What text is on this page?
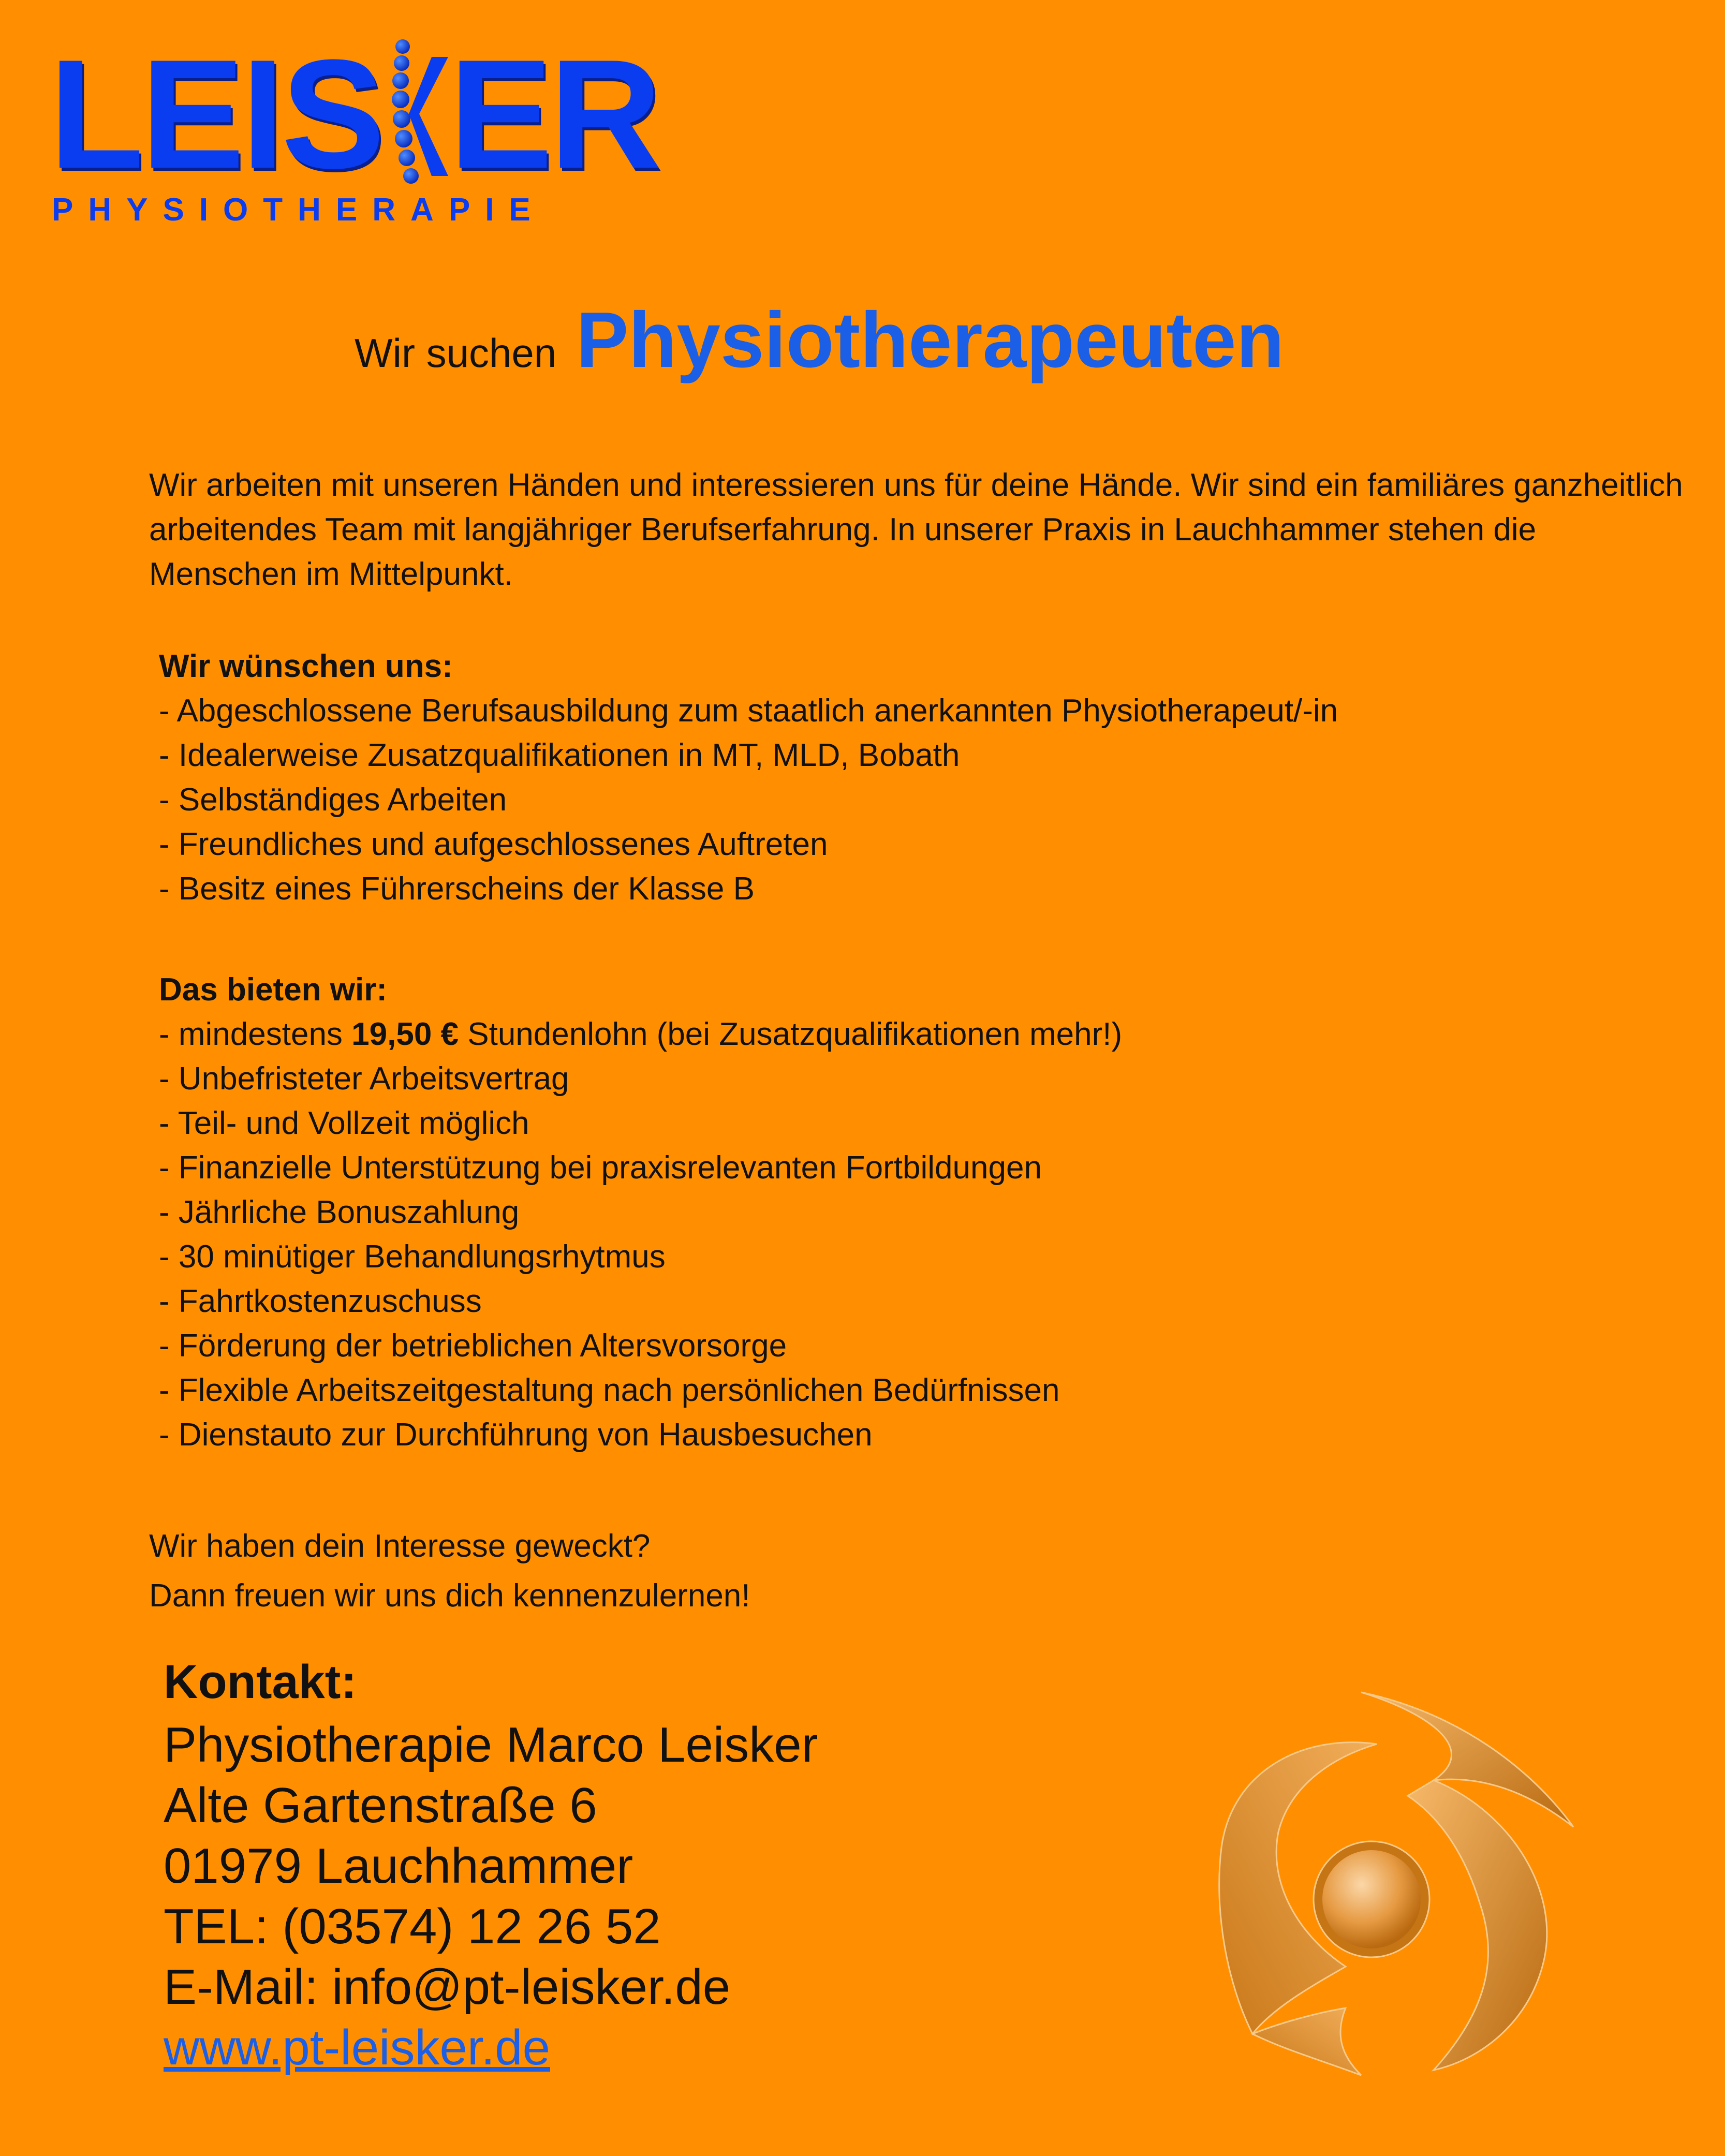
L E I S E R
PHYSIOTHERAPIE
Wir suchen Physiotherapeuten

Wir arbeiten mit unseren Händen und interessieren uns für deine Hände. Wir sind ein familiäres ganzheitlich arbeitendes Team mit langjähriger Berufserfahrung. In unserer Praxis in Lauchhammer stehen die Menschen im Mittelpunkt.

Wir wünschen uns:
- Abgeschlossene Berufsausbildung zum staatlich anerkannten Physiotherapeut/-in
- Idealerweise Zusatzqualifikationen in MT, MLD, Bobath
- Selbständiges Arbeiten
- Freundliches und aufgeschlossenes Auftreten
- Besitz eines Führerscheins der Klasse B
Das bieten wir:
- mindestens 19,50 € Stundenlohn (bei Zusatzqualifikationen mehr!)
- Unbefristeter Arbeitsvertrag
- Teil- und Vollzeit möglich
- Finanzielle Unterstützung bei praxisrelevanten Fortbildungen
- Jährliche Bonuszahlung
- 30 minütiger Behandlungsrhytmus
- Fahrtkostenzuschuss
- Förderung der betrieblichen Altersvorsorge
- Flexible Arbeitszeitgestaltung nach persönlichen Bedürfnissen
- Dienstauto zur Durchführung von Hausbesuchen
Wir haben dein Interesse geweckt?
Dann freuen wir uns dich kennenzulernen!
Kontakt:
Physiotherapie Marco Leisker
Alte Gartenstraße 6
01979 Lauchhammer
TEL: (03574) 12 26 52
E-Mail: info@pt-leisker.de
www.pt-leisker.de
